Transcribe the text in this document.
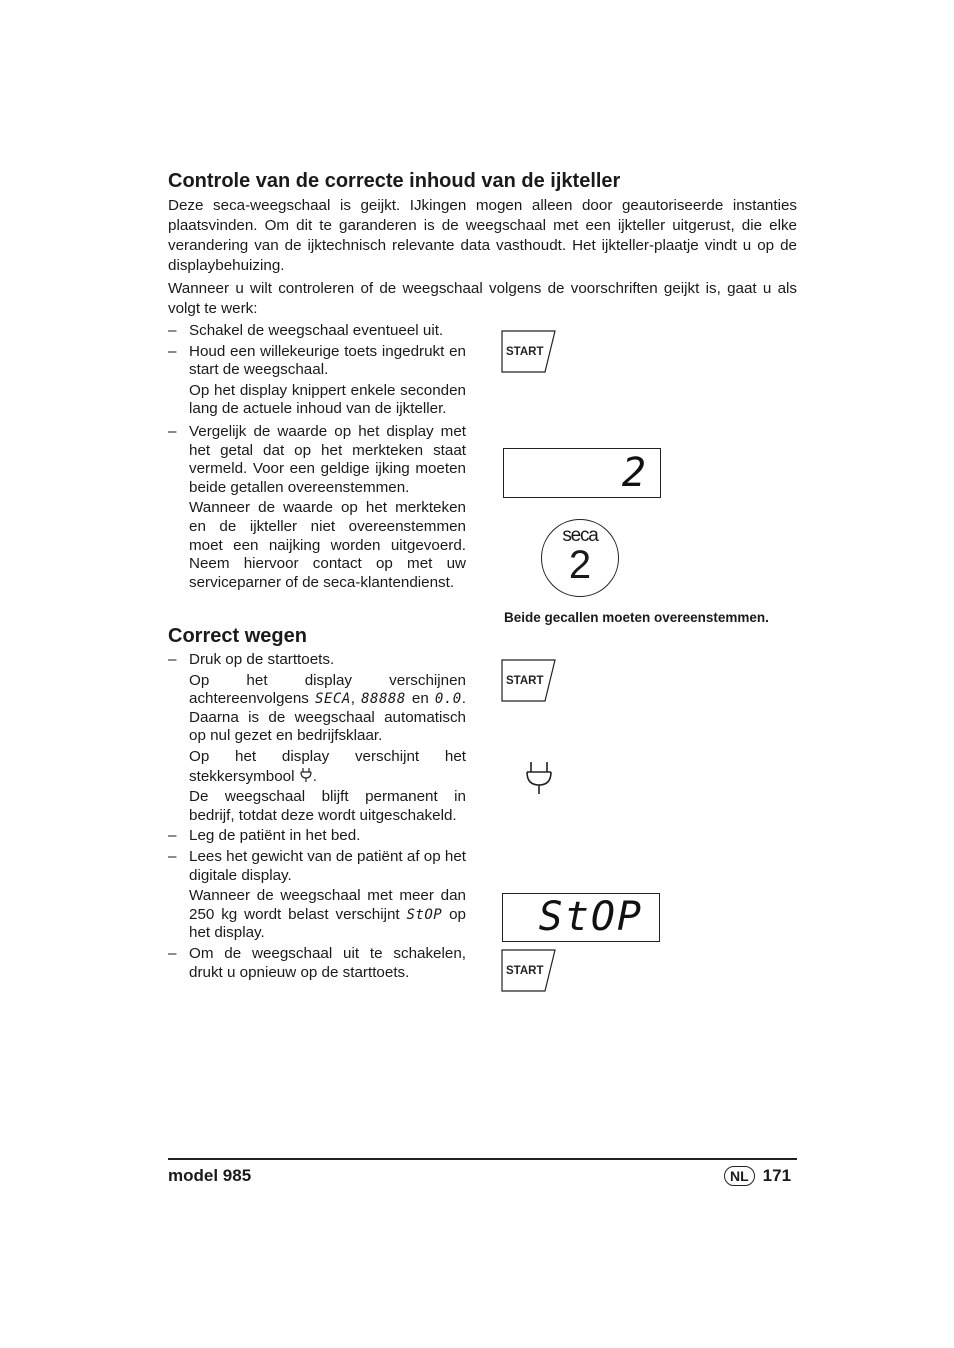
Controle van de correcte inhoud van de ijkteller

Deze seca-weegschaal is geijkt. IJkingen mogen alleen door geautoriseerde instanties plaatsvinden. Om dit te garanderen is de weegschaal met een ijkteller uitgerust, die elke verandering van de ijktechnisch relevante data vasthoudt. Het ijkteller-plaatje vindt u op de displaybehuizing.

Wanneer u wilt controleren of de weegschaal volgens de voorschriften geijkt is, gaat u als volgt te werk:

– Schakel de weegschaal eventueel uit.
– Houd een willekeurige toets ingedrukt en start de weegschaal.
Op het display knippert enkele seconden lang de actuele inhoud van de ijkteller.
– Vergelijk de waarde op het display met het getal dat op het merkteken staat vermeld. Voor een geldige ijking moeten beide getallen overeenstemmen.
Wanneer de waarde op het merkteken en de ijkteller niet overeenstemmen moet een naijking worden uitgevoerd. Neem hiervoor contact op met uw serviceparner of de seca-klantendienst.
Correct wegen
– Druk op de starttoets.
Op het display verschijnen achtereenvolgens SECA, 88888 en 0.0. Daarna is de weegschaal automatisch op nul gezet en bedrijfsklaar.
Op het display verschijnt het stekkersymbool .
De weegschaal blijft permanent in bedrijf, totdat deze wordt uitgeschakeld.
– Leg de patiënt in het bed.
– Lees het gewicht van de patiënt af op het digitale display.
Wanneer de weegschaal met meer dan 250 kg wordt belast verschijnt StOP op het display.
– Om de weegschaal uit te schakelen, drukt u opnieuw op de starttoets.
START
2
seca
2
Beide gecallen moeten overeenstemmen.
START
StOP
START
model 985	NL 171
